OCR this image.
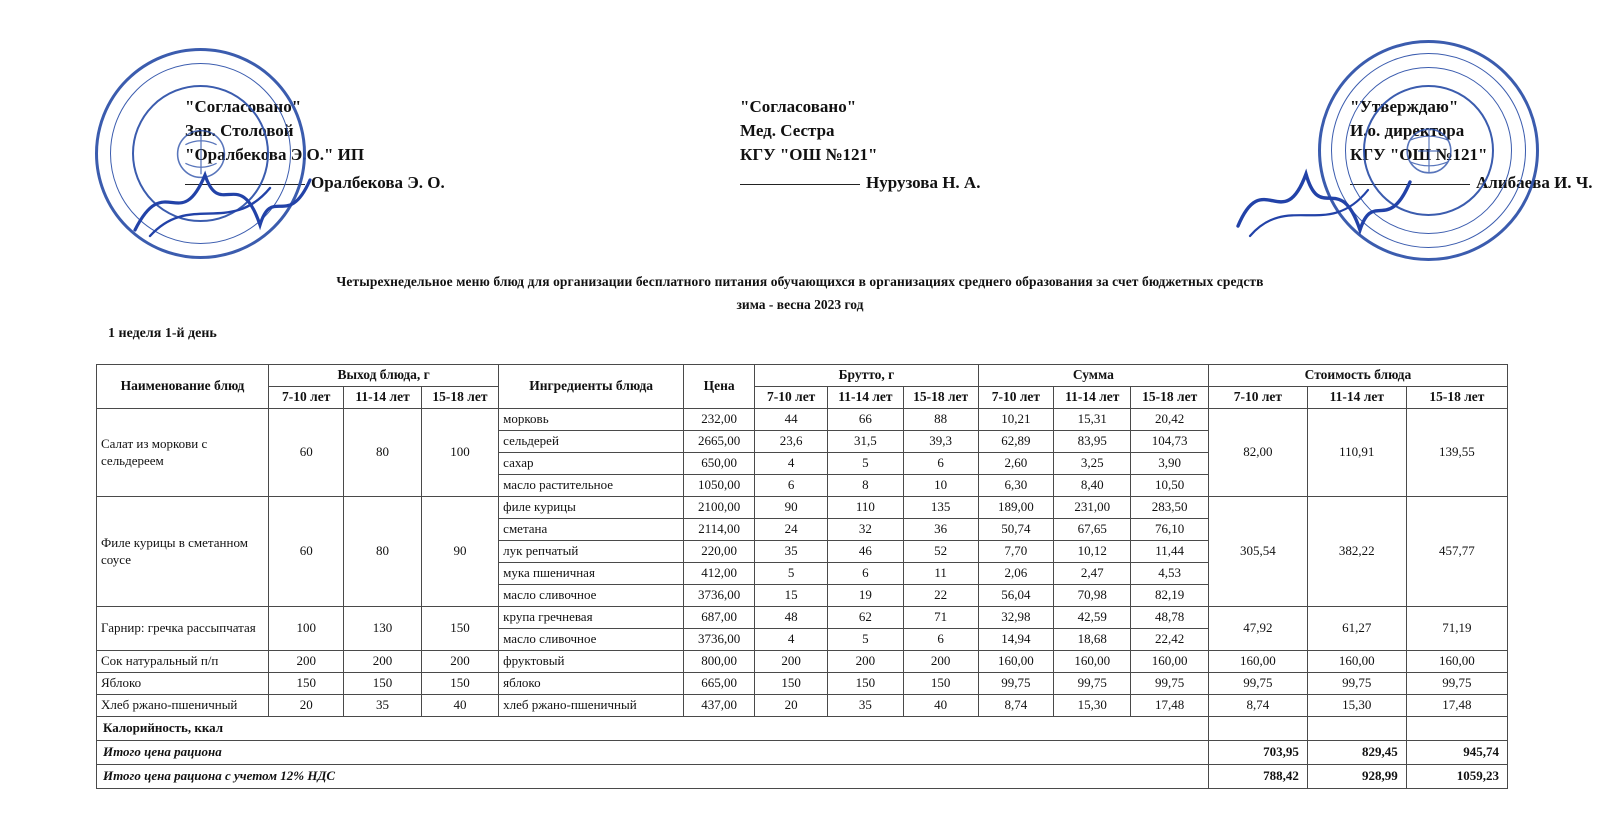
"Согласовано"
Зав. Столовой
"Оралбекова Э.О." ИП
Оралбекова Э. О.
"Согласовано"
Мед. Сестра
КГУ "ОШ №121"
Нурузова Н. А.
"Утверждаю"
И.о. директора
КГУ "ОШ №121"
Алибаева И. Ч.
Четырехнедельное меню блюд для организации бесплатного питания обучающихся в организациях среднего образования за счет бюджетных средств
зима - весна 2023 год
1 неделя 1-й день
Наименование блюд	Выход блюда, г			Ингредиенты блюда	Цена	Брутто, г			Сумма			Стоимость блюда		
	7-10 лет	11-14 лет	15-18 лет			7-10 лет	11-14 лет	15-18 лет	7-10 лет	11-14 лет	15-18 лет	7-10 лет	11-14 лет	15-18 лет
Салат из моркови с сельдереем	60	80	100	морковь	232,00	44	66	88	10,21	15,31	20,42	82,00	110,91	139,55
				сельдерей	2665,00	23,6	31,5	39,3	62,89	83,95	104,73			
				сахар	650,00	4	5	6	2,60	3,25	3,90			
				масло растительное	1050,00	6	8	10	6,30	8,40	10,50			
Филе курицы в сметанном соусе	60	80	90	филе курицы	2100,00	90	110	135	189,00	231,00	283,50	305,54	382,22	457,77
				сметана	2114,00	24	32	36	50,74	67,65	76,10			
				лук репчатый	220,00	35	46	52	7,70	10,12	11,44			
				мука пшеничная	412,00	5	6	11	2,06	2,47	4,53			
				масло сливочное	3736,00	15	19	22	56,04	70,98	82,19			
Гарнир: гречка рассыпчатая	100	130	150	крупа гречневая	687,00	48	62	71	32,98	42,59	48,78	47,92	61,27	71,19
				масло сливочное	3736,00	4	5	6	14,94	18,68	22,42			
Сок натуральный п/п	200	200	200	фруктовый	800,00	200	200	200	160,00	160,00	160,00	160,00	160,00	160,00
Яблоко	150	150	150	яблоко	665,00	150	150	150	99,75	99,75	99,75	99,75	99,75	99,75
Хлеб ржано-пшеничный	20	35	40	хлеб ржано-пшеничный	437,00	20	35	40	8,74	15,30	17,48	8,74	15,30	17,48
Калорийность, ккал														
Итого цена рациона												703,95	829,45	945,74
Итого цена рациона с учетом 12% НДС												788,42	928,99	1059,23
